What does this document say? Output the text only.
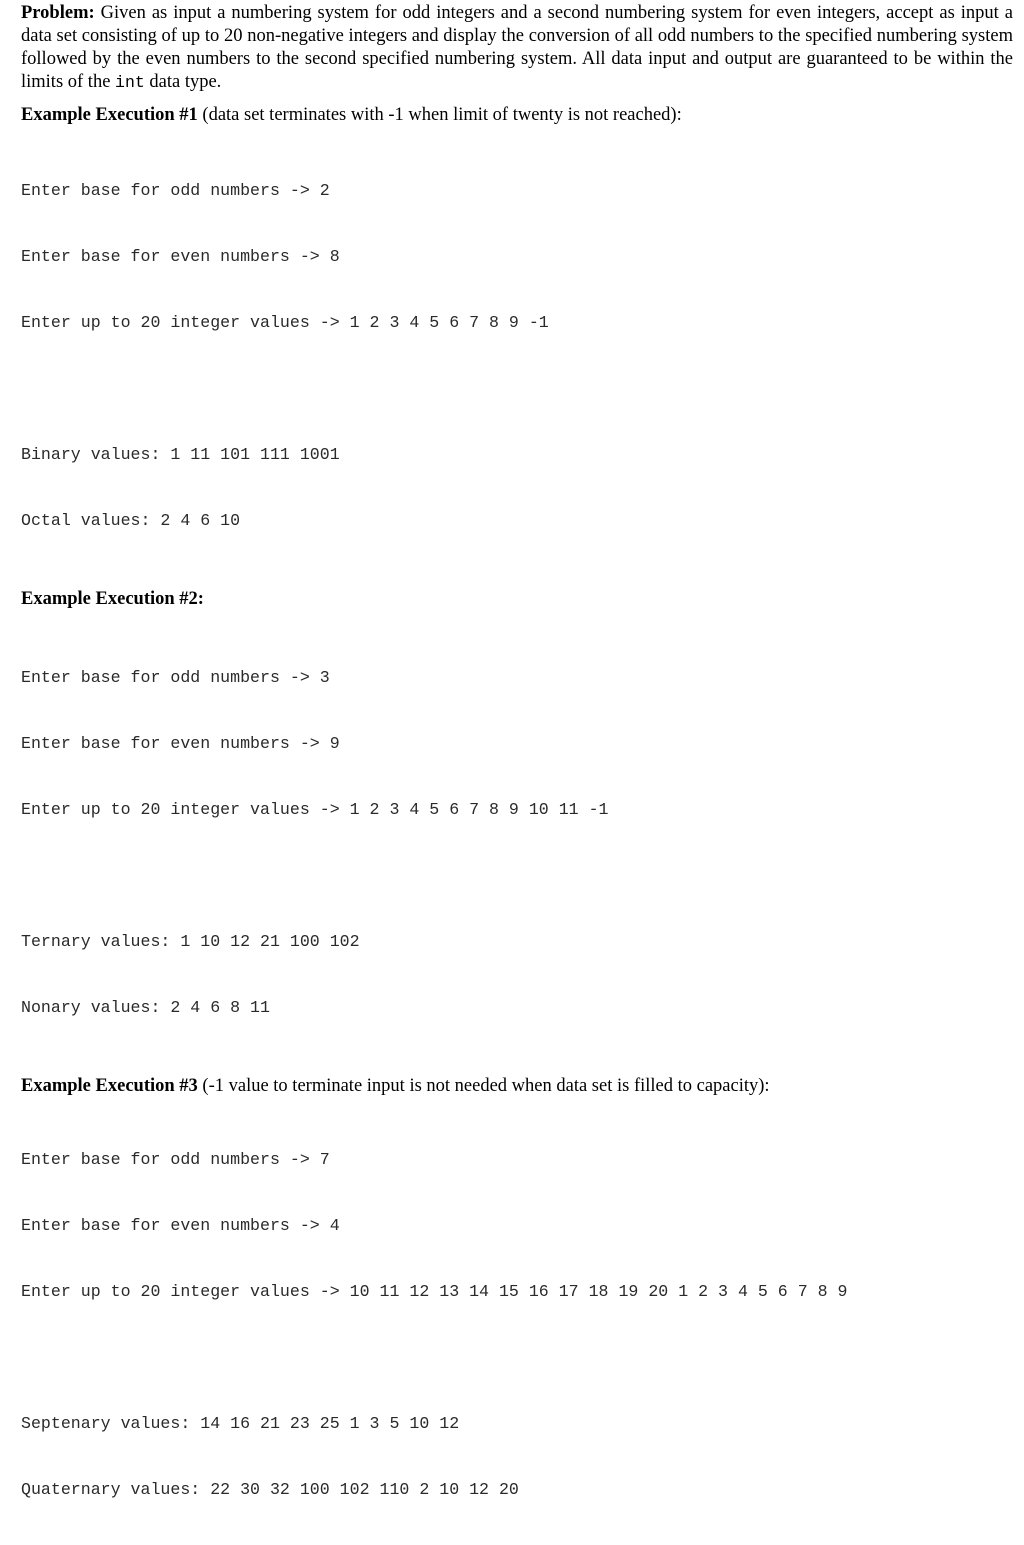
Problem: Given as input a numbering system for odd integers and a second numbering system for even integers, accept as input a data set consisting of up to 20 non-negative integers and display the conversion of all odd numbers to the specified numbering system followed by the even numbers to the second specified numbering system. All data input and output are guaranteed to be within the limits of the int data type.

Example Execution #1 (data set terminates with -1 when limit of twenty is not reached):

Enter base for odd numbers -> 2

Enter base for even numbers -> 8

Enter up to 20 integer values -> 1 2 3 4 5 6 7 8 9 -1

Binary values: 1 11 101 111 1001

Octal values: 2 4 6 10

Example Execution #2:

Enter base for odd numbers -> 3

Enter base for even numbers -> 9

Enter up to 20 integer values -> 1 2 3 4 5 6 7 8 9 10 11 -1

Ternary values: 1 10 12 21 100 102

Nonary values: 2 4 6 8 11

Example Execution #3 (-1 value to terminate input is not needed when data set is filled to capacity):

Enter base for odd numbers -> 7

Enter base for even numbers -> 4

Enter up to 20 integer values -> 10 11 12 13 14 15 16 17 18 19 20 1 2 3 4 5 6 7 8 9

Septenary values: 14 16 21 23 25 1 3 5 10 12

Quaternary values: 22 30 32 100 102 110 2 10 12 20
